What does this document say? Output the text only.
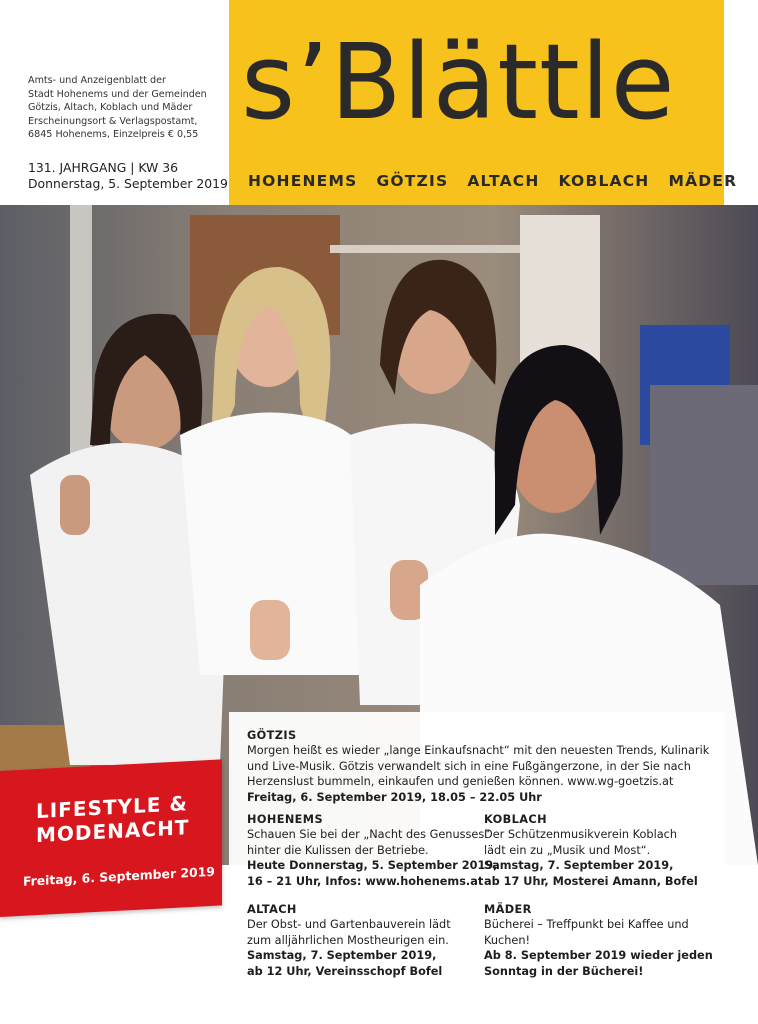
Amts- und Anzeigenblatt der
Stadt Hohenems und der Gemeinden
Götzis, Altach, Koblach und Mäder
Erscheinungsort & Verlagspostamt,
6845 Hohenems, Einzelpreis € 0,55
131. JAHRGANG | KW 36
Donnerstag, 5. September 2019
s’Blättle
HOHENEMS GÖTZIS ALTACH KOBLACH MÄDER
LIFESTYLE &
MODENACHT
Freitag, 6. September 2019
GÖTZIS
Morgen heißt es wieder „lange Einkaufsnacht“ mit den neuesten Trends, Kulinarik
und Live-Musik. Götzis verwandelt sich in eine Fußgängerzone, in der Sie nach
Herzenslust bummeln, einkaufen und genießen können. www.wg-goetzis.at
Freitag, 6. September 2019, 18.05 – 22.05 Uhr
HOHENEMS
Schauen Sie bei der „Nacht des Genusses“
hinter die Kulissen der Betriebe.
Heute Donnerstag, 5. September 2019,
16 – 21 Uhr, Infos: www.hohenems.at
KOBLACH
Der Schützenmusikverein Koblach
lädt ein zu „Musik und Most“.
Samstag, 7. September 2019,
ab 17 Uhr, Mosterei Amann, Bofel
ALTACH
Der Obst- und Gartenbauverein lädt
zum alljährlichen Mostheurigen ein.
Samstag, 7. September 2019,
ab 12 Uhr, Vereinsschopf Bofel
MÄDER
Bücherei – Treffpunkt bei Kaffee und
Kuchen!
Ab 8. September 2019 wieder jeden
Sonntag in der Bücherei!
